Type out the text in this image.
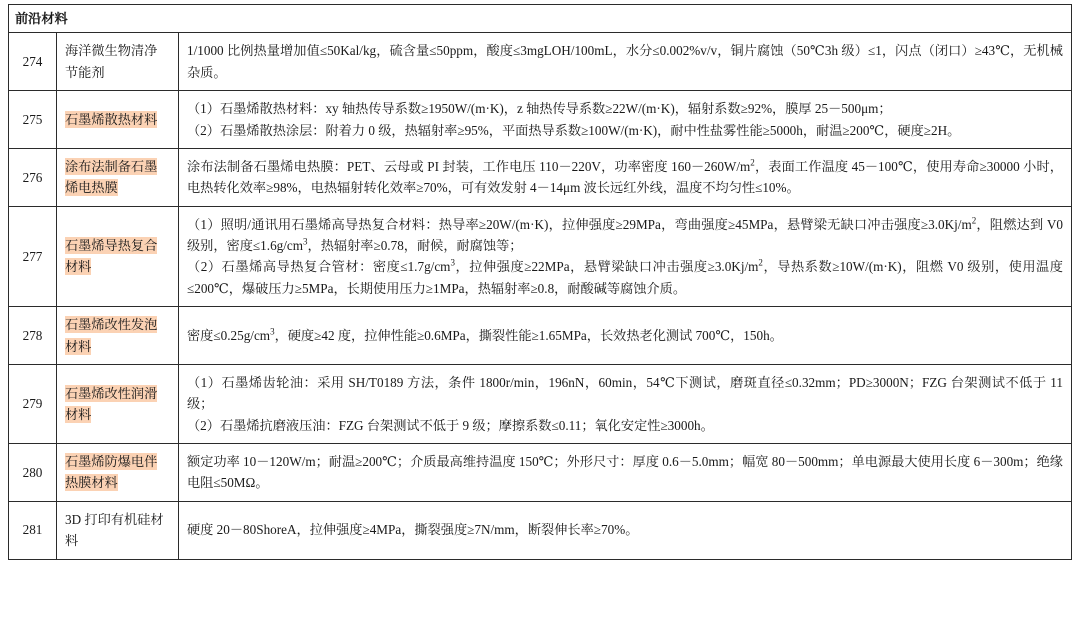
前沿材料		
274	海洋微生物清净节能剂	1/1000 比例热量增加值≤50Kal/kg，硫含量≤50ppm，酸度≤3mgLOH/100mL，水分≤0.002%v/v，铜片腐蚀（50℃3h 级）≤1，闪点（闭口）≥43℃，无机械杂质。

275	石墨烯散热材料	（1）石墨烯散热材料：xy 轴热传导系数≥1950W/(m·K)，z 轴热传导系数≥22W/(m·K)，辐射系数≥92%，膜厚 25－500μm；
（2）石墨烯散热涂层：附着力 0 级，热辐射率≥95%，平面热导系数≥100W/(m·K)，耐中性盐雾性能≥5000h，耐温≥200℃，硬度≥2H。

276	涂布法制备石墨烯电热膜	涂布法制备石墨烯电热膜：PET、云母或 PI 封装，工作电压 110－220V，功率密度 $160-260W/m^2$，表面工作温度 45－100℃，使用寿命≥30000 小时，电热转化效率≥98%，电热辐射转化效率≥70%，可有效发射 4－14μm 波长远红外线，温度不均匀性≤10%。

277	石墨烯导热复合材料	（1）照明/通讯用石墨烯高导热复合材料：热导率≥20W/(m·K)，拉伸强度≥29MPa，弯曲强度≥45MPa，悬臂梁无缺口冲击强度$\ge 3.0Kj/m^2$，阻燃达到 V0 级别，密度$\le 1.6g/cm^3$，热辐射率≥0.78，耐候，耐腐蚀等；
（2）石墨烯高导热复合管材：密度$\le 1.7g/cm^3$，拉伸强度≥22MPa，悬臂梁缺口冲击强度$\ge 3.0Kj/m^2$，导热系数≥10W/(m·K)，阻燃 V0 级别，使用温度≤200℃，爆破压力≥5MPa，长期使用压力≥1MPa，热辐射率≥0.8，耐酸碱等腐蚀介质。

278	石墨烯改性发泡材料	密度$\le 0.25g/cm^3$，硬度≥42 度，拉伸性能≥0.6MPa，撕裂性能≥1.65MPa，长效热老化测试 700℃，150h。

279	石墨烯改性润滑材料	（1）石墨烯齿轮油：采用 SH/T0189 方法，条件 1800r/min，196nN，60min，54℃下测试，磨斑直径≤0.32mm；PD≥3000N；FZG 台架测试不低于 11 级；
（2）石墨烯抗磨液压油：FZG 台架测试不低于 9 级；摩擦系数≤0.11；氧化安定性≥3000h。

280	石墨烯防爆电伴热膜材料	额定功率 10－120W/m；耐温≥200℃；介质最高维持温度 150℃；外形尺寸：厚度 0.6－5.0mm；幅宽 80－500mm；单电源最大使用长度 6－300m；绝缘电阻≤50MΩ。

281	3D 打印有机硅材料	硬度 20－80ShoreA，拉伸强度≥4MPa，撕裂强度≥7N/mm，断裂伸长率≥70%。
